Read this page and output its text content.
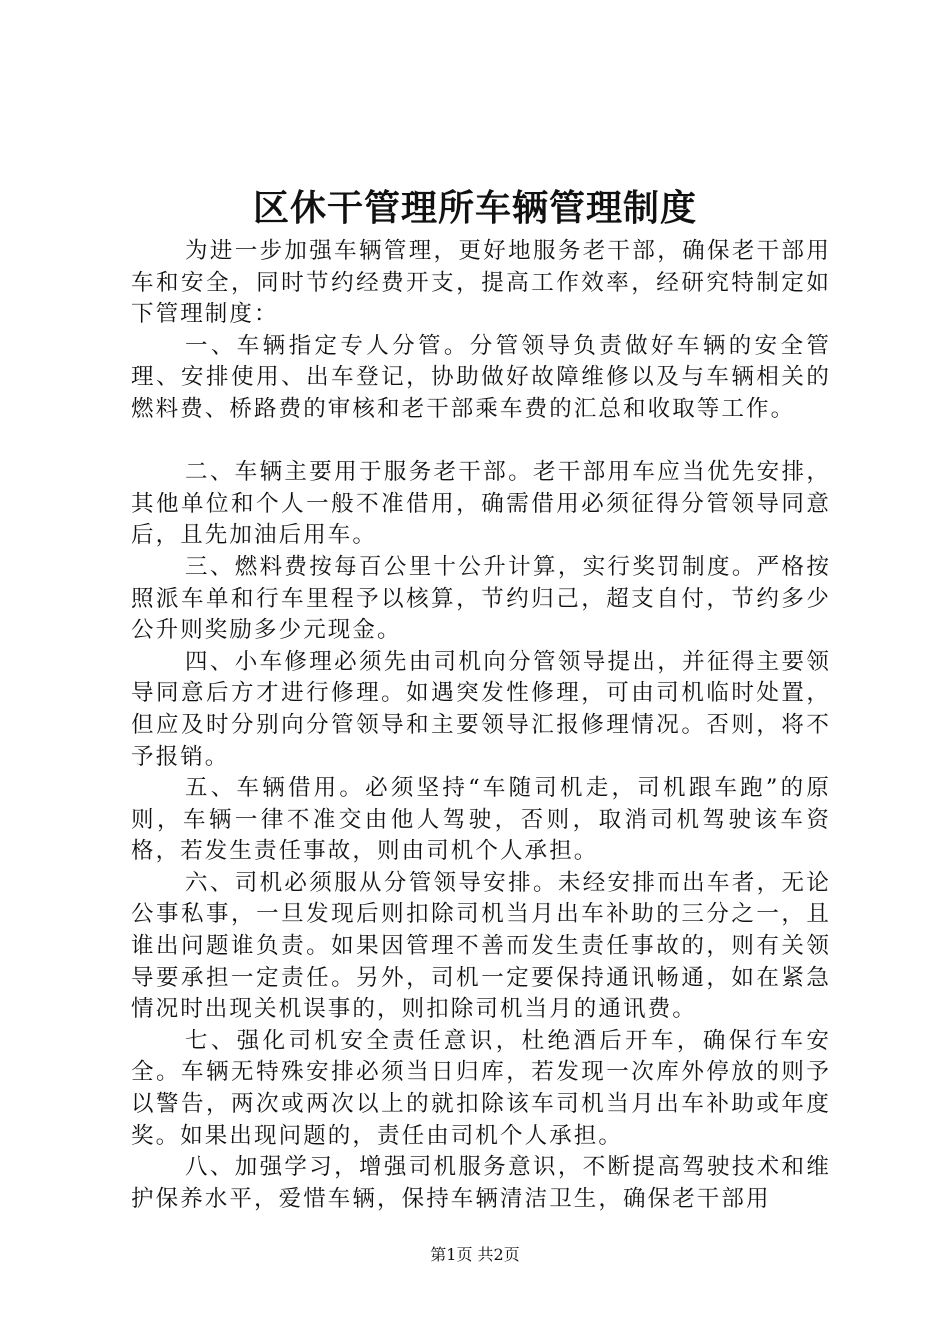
区休干管理所车辆管理制度

为进一步加强车辆管理，更好地服务老干部，确保老干部用车和安全，同时节约经费开支，提高工作效率，经研究特制定如下管理制度：

一、车辆指定专人分管。分管领导负责做好车辆的安全管理、安排使用、出车登记，协助做好故障维修以及与车辆相关的燃料费、桥路费的审核和老干部乘车费的汇总和收取等工作。

二、车辆主要用于服务老干部。老干部用车应当优先安排，其他单位和个人一般不准借用，确需借用必须征得分管领导同意后，且先加油后用车。

三、燃料费按每百公里十公升计算，实行奖罚制度。严格按照派车单和行车里程予以核算，节约归己，超支自付，节约多少公升则奖励多少元现金。

四、小车修理必须先由司机向分管领导提出，并征得主要领导同意后方才进行修理。如遇突发性修理，可由司机临时处置，但应及时分别向分管领导和主要领导汇报修理情况。否则，将不予报销。

五、车辆借用。必须坚持“车随司机走，司机跟车跑”的原则，车辆一律不准交由他人驾驶，否则，取消司机驾驶该车资格，若发生责任事故，则由司机个人承担。

六、司机必须服从分管领导安排。未经安排而出车者，无论公事私事，一旦发现后则扣除司机当月出车补助的三分之一，且谁出问题谁负责。如果因管理不善而发生责任事故的，则有关领导要承担一定责任。另外，司机一定要保持通讯畅通，如在紧急情况时出现关机误事的，则扣除司机当月的通讯费。

七、强化司机安全责任意识，杜绝酒后开车，确保行车安全。车辆无特殊安排必须当日归库，若发现一次库外停放的则予以警告，两次或两次以上的就扣除该车司机当月出车补助或年度奖。如果出现问题的，责任由司机个人承担。

八、加强学习，增强司机服务意识，不断提高驾驶技术和维护保养水平，爱惜车辆，保持车辆清洁卫生，确保老干部用

第1页 共2页
